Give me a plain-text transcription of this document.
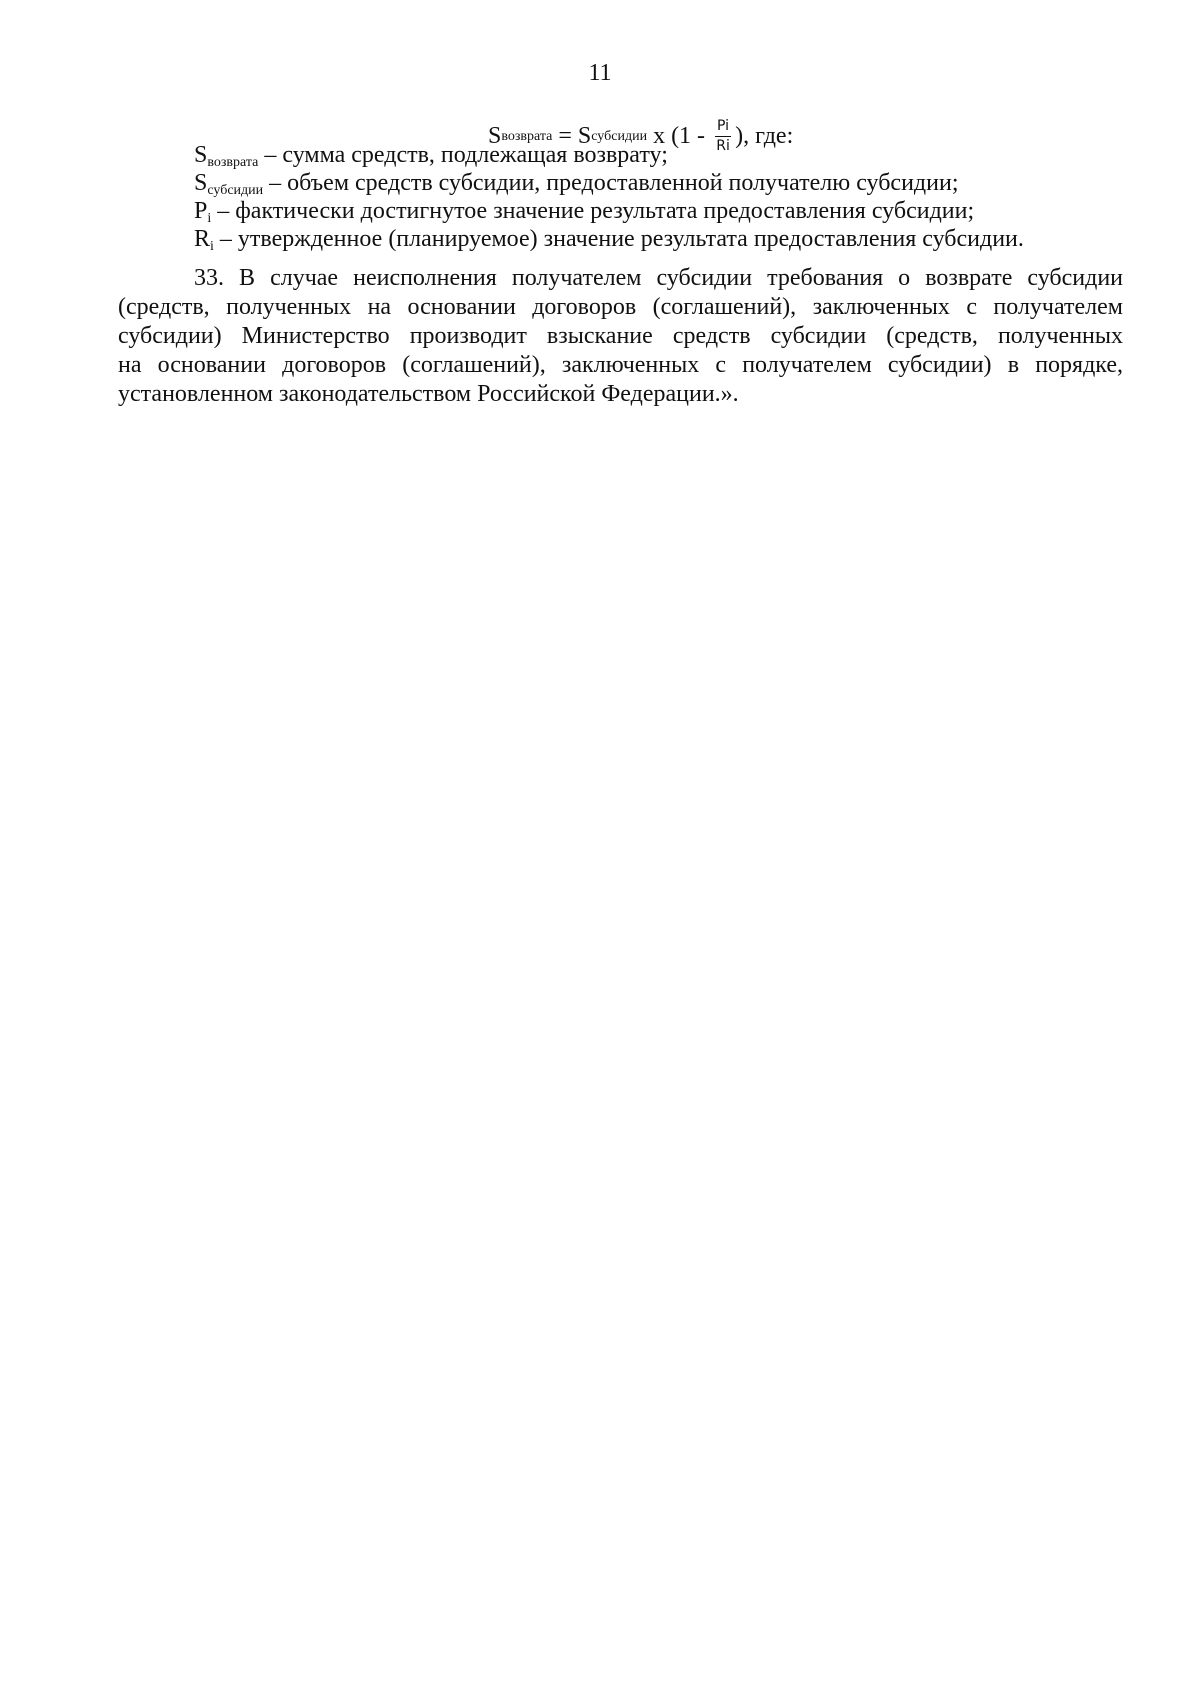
11
S возврата = S субсидии x ($1 - \frac{Pi}{Ri}$ ), где:
$S_{возврата}$ – сумма средств, подлежащая возврату;
$S_{субсидии}$ – объем средств субсидии, предоставленной получателю субсидии;
$P_i$ – фактически достигнутое значение результата предоставления субсидии;
$R_i$ – утвержденное (планируемое) значение результата предоставления субсидии.
33. В случае неисполнения получателем субсидии требования о возврате субсидии
(средств, полученных на основании договоров (соглашений), заключенных с получателем
субсидии) Министерство производит взыскание средств субсидии (средств, полученных
на основании договоров (соглашений), заключенных с получателем субсидии) в порядке,
установленном законодательством Российской Федерации.».
